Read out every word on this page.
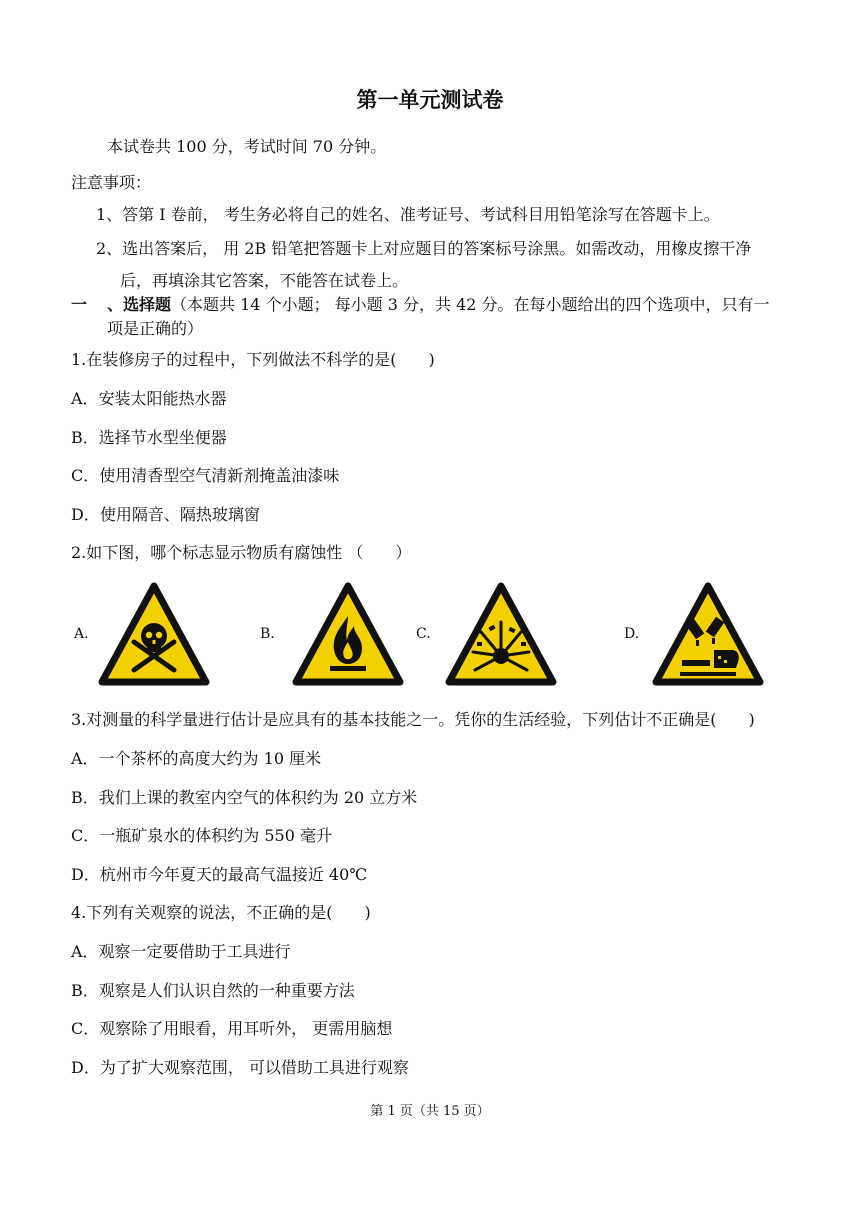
第一单元测试卷
本试卷共 100 分，考试时间 70 分钟。
注意事项：
1、答第 I 卷前， 考生务必将自己的姓名、准考证号、考试科目用铅笔涂写在答题卡上。
2、选出答案后， 用 2B 铅笔把答题卡上对应题目的答案标号涂黑。如需改动，用橡皮擦干净
后，再填涂其它答案，不能答在试卷上。
一 、选择题（本题共 14 个小题； 每小题 3 分，共 42 分。在每小题给出的四个选项中，只有一
项是正确的）
1.在装修房子的过程中，下列做法不科学的是(　　)
A．安装太阳能热水器
B．选择节水型坐便器
C．使用清香型空气清新剂掩盖油漆味
D．使用隔音、隔热玻璃窗
2.如下图，哪个标志显示物质有腐蚀性 （　　）
A.	B.	C.	D.
3.对测量的科学量进行估计是应具有的基本技能之一。凭你的生活经验，下列估计不正确是(　　)
A．一个茶杯的高度大约为 10 厘米
B．我们上课的教室内空气的体积约为 20 立方米
C．一瓶矿泉水的体积约为 550 毫升
D．杭州市今年夏天的最高气温接近 40℃
4.下列有关观察的说法，不正确的是(　　)
A．观察一定要借助于工具进行
B．观察是人们认识自然的一种重要方法
C．观察除了用眼看，用耳听外， 更需用脑想
D．为了扩大观察范围， 可以借助工具进行观察
第 1 页（共 15 页）
